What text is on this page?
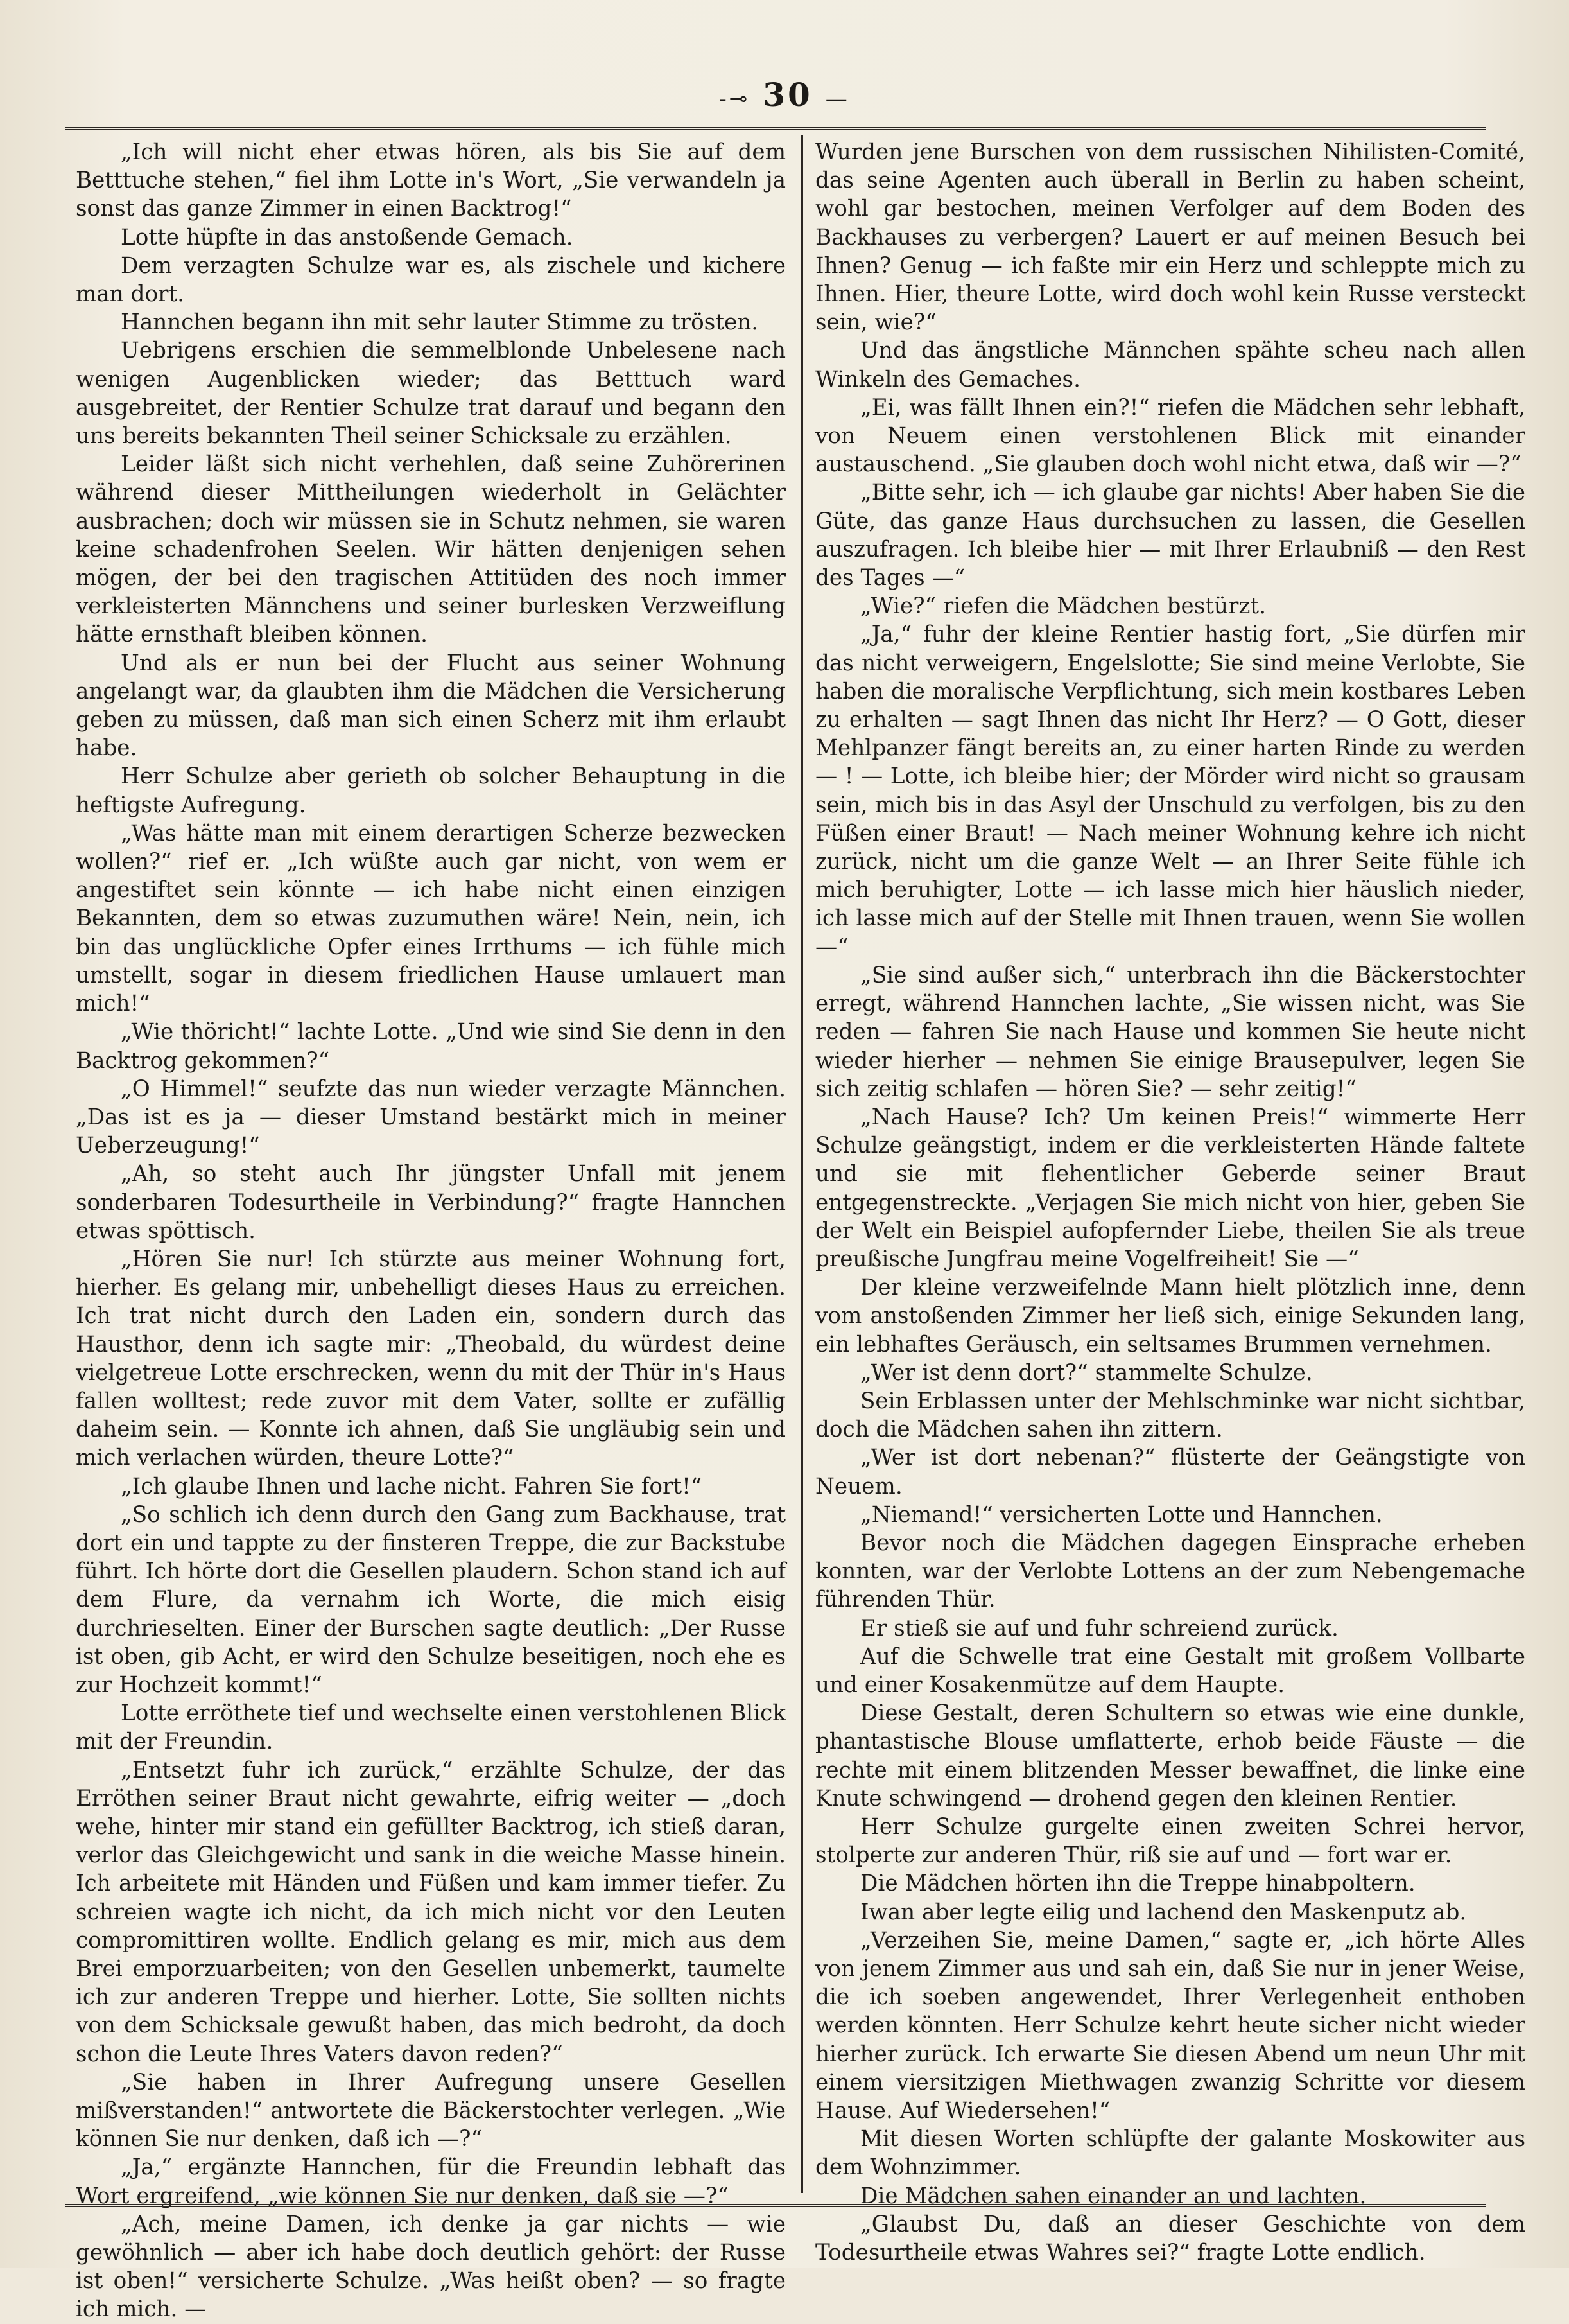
-⊸ 30 —

„Ich will nicht eher etwas hören, als bis Sie auf dem Betttuche stehen,“ fiel ihm Lotte in's Wort, „Sie verwandeln ja sonst das ganze Zimmer in einen Backtrog!“

Lotte hüpfte in das anstoßende Gemach.

Dem verzagten Schulze war es, als zischele und kichere man dort.

Hannchen begann ihn mit sehr lauter Stimme zu trösten.

Uebrigens erschien die semmelblonde Unbelesene nach wenigen Augenblicken wieder; das Betttuch ward ausgebreitet, der Rentier Schulze trat darauf und begann den uns bereits bekannten Theil seiner Schicksale zu erzählen.

Leider läßt sich nicht verhehlen, daß seine Zuhörerinen während dieser Mittheilungen wiederholt in Gelächter ausbrachen; doch wir müssen sie in Schutz nehmen, sie waren keine schadenfrohen Seelen. Wir hätten denjenigen sehen mögen, der bei den tragischen Attitüden des noch immer verkleisterten Männchens und seiner burlesken Verzweiflung hätte ernsthaft bleiben können.

Und als er nun bei der Flucht aus seiner Wohnung angelangt war, da glaubten ihm die Mädchen die Versicherung geben zu müssen, daß man sich einen Scherz mit ihm erlaubt habe.

Herr Schulze aber gerieth ob solcher Behauptung in die heftigste Aufregung.

„Was hätte man mit einem derartigen Scherze bezwecken wollen?“ rief er. „Ich wüßte auch gar nicht, von wem er angestiftet sein könnte — ich habe nicht einen einzigen Bekannten, dem so etwas zuzumuthen wäre! Nein, nein, ich bin das unglückliche Opfer eines Irrthums — ich fühle mich umstellt, sogar in diesem friedlichen Hause umlauert man mich!“

„Wie thöricht!“ lachte Lotte. „Und wie sind Sie denn in den Backtrog gekommen?“

„O Himmel!“ seufzte das nun wieder verzagte Männchen. „Das ist es ja — dieser Umstand bestärkt mich in meiner Ueberzeugung!“

„Ah, so steht auch Ihr jüngster Unfall mit jenem sonderbaren Todesurtheile in Verbindung?“ fragte Hannchen etwas spöttisch.

„Hören Sie nur! Ich stürzte aus meiner Wohnung fort, hierher. Es gelang mir, unbehelligt dieses Haus zu erreichen. Ich trat nicht durch den Laden ein, sondern durch das Hausthor, denn ich sagte mir: „Theobald, du würdest deine vielgetreue Lotte erschrecken, wenn du mit der Thür in's Haus fallen wolltest; rede zuvor mit dem Vater, sollte er zufällig daheim sein. — Konnte ich ahnen, daß Sie ungläubig sein und mich verlachen würden, theure Lotte?“

„Ich glaube Ihnen und lache nicht. Fahren Sie fort!“

„So schlich ich denn durch den Gang zum Backhause, trat dort ein und tappte zu der finsteren Treppe, die zur Backstube führt. Ich hörte dort die Gesellen plaudern. Schon stand ich auf dem Flure, da vernahm ich Worte, die mich eisig durchrieselten. Einer der Burschen sagte deutlich: „Der Russe ist oben, gib Acht, er wird den Schulze beseitigen, noch ehe es zur Hochzeit kommt!“

Lotte erröthete tief und wechselte einen verstohlenen Blick mit der Freundin.

„Entsetzt fuhr ich zurück,“ erzählte Schulze, der das Erröthen seiner Braut nicht gewahrte, eifrig weiter — „doch wehe, hinter mir stand ein gefüllter Backtrog, ich stieß daran, verlor das Gleichgewicht und sank in die weiche Masse hinein. Ich arbeitete mit Händen und Füßen und kam immer tiefer. Zu schreien wagte ich nicht, da ich mich nicht vor den Leuten compromittiren wollte. Endlich gelang es mir, mich aus dem Brei emporzuarbeiten; von den Gesellen unbemerkt, taumelte ich zur anderen Treppe und hierher. Lotte, Sie sollten nichts von dem Schicksale gewußt haben, das mich bedroht, da doch schon die Leute Ihres Vaters davon reden?“

„Sie haben in Ihrer Aufregung unsere Gesellen mißverstanden!“ antwortete die Bäckerstochter verlegen. „Wie können Sie nur denken, daß ich —?“

„Ja,“ ergänzte Hannchen, für die Freundin lebhaft das Wort ergreifend, „wie können Sie nur denken, daß sie —?“

„Ach, meine Damen, ich denke ja gar nichts — wie gewöhnlich — aber ich habe doch deutlich gehört: der Russe ist oben!“ versicherte Schulze. „Was heißt oben? — so fragte ich mich. —

Wurden jene Burschen von dem russischen Nihilisten-Comité, das seine Agenten auch überall in Berlin zu haben scheint, wohl gar bestochen, meinen Verfolger auf dem Boden des Backhauses zu verbergen? Lauert er auf meinen Besuch bei Ihnen? Genug — ich faßte mir ein Herz und schleppte mich zu Ihnen. Hier, theure Lotte, wird doch wohl kein Russe versteckt sein, wie?“

Und das ängstliche Männchen spähte scheu nach allen Winkeln des Gemaches.

„Ei, was fällt Ihnen ein?!“ riefen die Mädchen sehr lebhaft, von Neuem einen verstohlenen Blick mit einander austauschend. „Sie glauben doch wohl nicht etwa, daß wir —?“

„Bitte sehr, ich — ich glaube gar nichts! Aber haben Sie die Güte, das ganze Haus durchsuchen zu lassen, die Gesellen auszufragen. Ich bleibe hier — mit Ihrer Erlaubniß — den Rest des Tages —“

„Wie?“ riefen die Mädchen bestürzt.

„Ja,“ fuhr der kleine Rentier hastig fort, „Sie dürfen mir das nicht verweigern, Engelslotte; Sie sind meine Verlobte, Sie haben die moralische Verpflichtung, sich mein kostbares Leben zu erhalten — sagt Ihnen das nicht Ihr Herz? — O Gott, dieser Mehlpanzer fängt bereits an, zu einer harten Rinde zu werden — ! — Lotte, ich bleibe hier; der Mörder wird nicht so grausam sein, mich bis in das Asyl der Unschuld zu verfolgen, bis zu den Füßen einer Braut! — Nach meiner Wohnung kehre ich nicht zurück, nicht um die ganze Welt — an Ihrer Seite fühle ich mich beruhigter, Lotte — ich lasse mich hier häuslich nieder, ich lasse mich auf der Stelle mit Ihnen trauen, wenn Sie wollen —“

„Sie sind außer sich,“ unterbrach ihn die Bäckerstochter erregt, während Hannchen lachte, „Sie wissen nicht, was Sie reden — fahren Sie nach Hause und kommen Sie heute nicht wieder hierher — nehmen Sie einige Brausepulver, legen Sie sich zeitig schlafen — hören Sie? — sehr zeitig!“

„Nach Hause? Ich? Um keinen Preis!“ wimmerte Herr Schulze geängstigt, indem er die verkleisterten Hände faltete und sie mit flehentlicher Geberde seiner Braut entgegenstreckte. „Verjagen Sie mich nicht von hier, geben Sie der Welt ein Beispiel aufopfernder Liebe, theilen Sie als treue preußische Jungfrau meine Vogelfreiheit! Sie —“

Der kleine verzweifelnde Mann hielt plötzlich inne, denn vom anstoßenden Zimmer her ließ sich, einige Sekunden lang, ein lebhaftes Geräusch, ein seltsames Brummen vernehmen.

„Wer ist denn dort?“ stammelte Schulze.

Sein Erblassen unter der Mehlschminke war nicht sichtbar, doch die Mädchen sahen ihn zittern.

„Wer ist dort nebenan?“ flüsterte der Geängstigte von Neuem.

„Niemand!“ versicherten Lotte und Hannchen.

Bevor noch die Mädchen dagegen Einsprache erheben konnten, war der Verlobte Lottens an der zum Nebengemache führenden Thür.

Er stieß sie auf und fuhr schreiend zurück.

Auf die Schwelle trat eine Gestalt mit großem Vollbarte und einer Kosakenmütze auf dem Haupte.

Diese Gestalt, deren Schultern so etwas wie eine dunkle, phantastische Blouse umflatterte, erhob beide Fäuste — die rechte mit einem blitzenden Messer bewaffnet, die linke eine Knute schwingend — drohend gegen den kleinen Rentier.

Herr Schulze gurgelte einen zweiten Schrei hervor, stolperte zur anderen Thür, riß sie auf und — fort war er.

Die Mädchen hörten ihn die Treppe hinabpoltern.

Iwan aber legte eilig und lachend den Maskenputz ab.

„Verzeihen Sie, meine Damen,“ sagte er, „ich hörte Alles von jenem Zimmer aus und sah ein, daß Sie nur in jener Weise, die ich soeben angewendet, Ihrer Verlegenheit enthoben werden könnten. Herr Schulze kehrt heute sicher nicht wieder hierher zurück. Ich erwarte Sie diesen Abend um neun Uhr mit einem viersitzigen Miethwagen zwanzig Schritte vor diesem Hause. Auf Wiedersehen!“

Mit diesen Worten schlüpfte der galante Moskowiter aus dem Wohnzimmer.

Die Mädchen sahen einander an und lachten.

„Glaubst Du, daß an dieser Geschichte von dem Todesurtheile etwas Wahres sei?“ fragte Lotte endlich.
